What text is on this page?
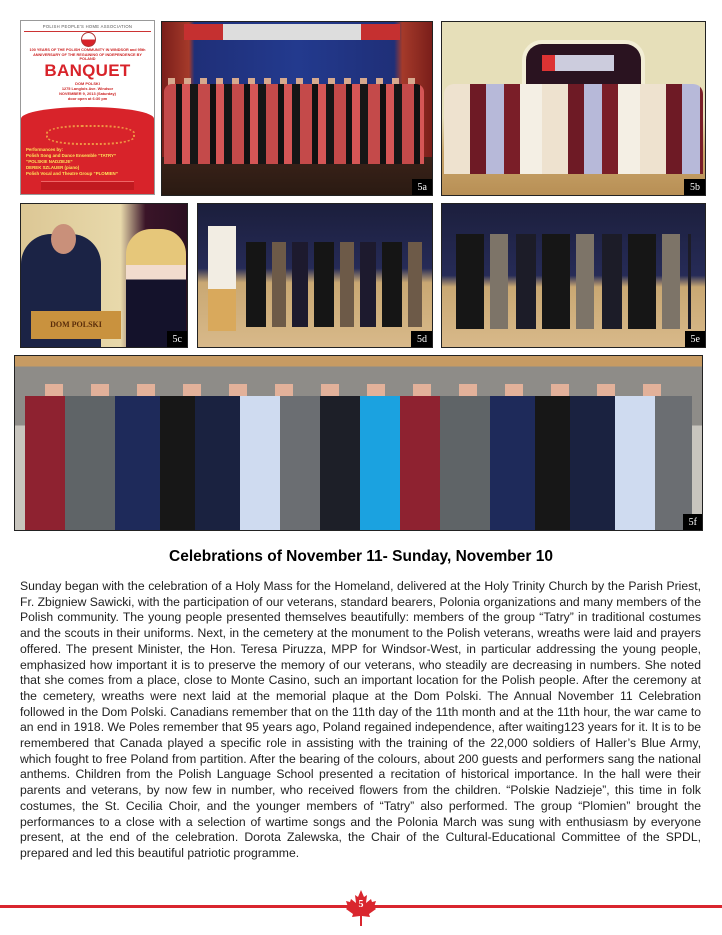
POLISH PEOPLE'S HOME ASSOCIATION
100 YEARS OF THE POLISH COMMUNITY IN WINDSOR and 95th ANNIVERSARY OF THE REGAINING OF INDEPENDENCE BY POLAND
BANQUET
DOM POLSKI
1275 Langlois Ave. Windsor
NOVEMBER 9, 2013 (Saturday)
door open at 6:30 pm
Performances by:
Polish Song and Dance Ensemble “TATRY”
“POLSKIE NADZIEJE”
DEREK SZLAUER (piano)
Polish Vocal and Theatre Group “PLOMIEN”
5a	5b
DOM POLSKI
5c	5d	5e
5f
Celebrations of November 11- Sunday, November 10
Sunday began with the celebration of a Holy Mass for the Homeland, delivered at the Holy Trinity Church by the Parish Priest, Fr. Zbigniew Sawicki, with the participation of our veterans, standard bearers, Polonia organizations and many members of the Polish community. The young people presented themselves beautifully: members of the group “Tatry” in traditional costumes and the scouts in their uniforms. Next, in the cemetery at the monument to the Polish veterans, wreaths were laid and prayers offered. The present Minister, the Hon. Teresa Piruzza, MPP for Windsor-West, in particular addressing the young people, emphasized how important it is to preserve the memory of our veterans, who steadily are decreasing in numbers. She noted that she comes from a place, close to Monte Casino, such an important location for the Polish people. After the ceremony at the cemetery, wreaths were next laid at the memorial plaque at the Dom Polski. The Annual November 11 Celebration followed in the Dom Polski. Canadians remember that on the 11th day of the 11th month and at the 11th hour, the war came to an end in 1918. We Poles remember that 95 years ago, Poland regained independence, after waiting123 years for it. It is to be remembered that Canada played a specific role in assisting with the training of the 22,000 soldiers of Haller’s Blue Army, which fought to free Poland from partition. After the bearing of the colours, about 200 guests and performers sang the national anthems. Children from the Polish Language School presented a recitation of historical importance. In the hall were their parents and veterans, by now few in number, who received flowers from the children. “Polskie Nadzieje”, this time in folk costumes, the St. Cecilia Choir, and the younger members of “Tatry” also performed. The group “Plomien” brought the performances to a close with a selection of wartime songs and the Polonia March was sung with enthusiasm by everyone present, at the end of the celebration. Dorota Zalewska, the Chair of the Cultural-Educational Committee of the SPDL, prepared and led this beautiful patriotic programme.
5
